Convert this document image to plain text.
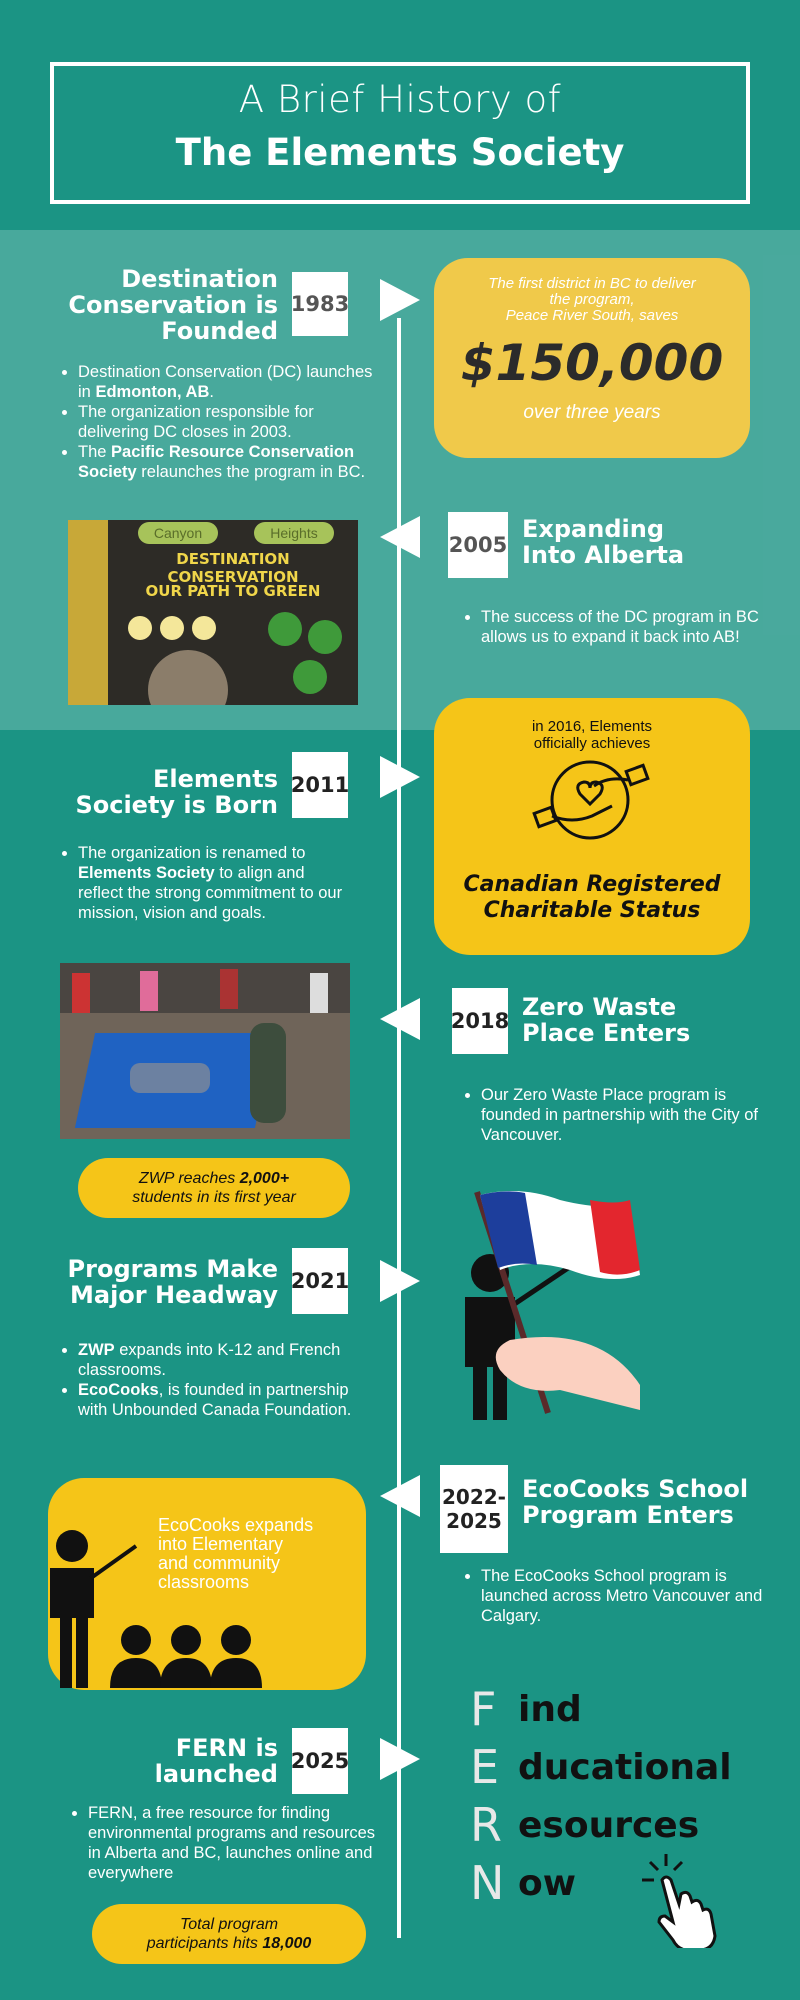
A Brief History of
The Elements Society
Destination
Conservation is
Founded
1983
• Destination Conservation (DC) launches in Edmonton, AB.
• The organization responsible for delivering DC closes in 2003.
• The Pacific Resource Conservation Society relaunches the program in BC.
The first district in BC to deliver
the program,
Peace River South, saves
$150,000
over three years
Canyon	Heights
DESTINATION CONSERVATION
OUR PATH TO GREEN
2005
Expanding
Into Alberta
• The success of the DC program in BC allows us to expand it back into AB!
in 2016, Elements
officially achieves
Canadian Registered
Charitable Status
Elements
Society is Born
2011
• The organization is renamed to Elements Society to align and reflect the strong commitment to our mission, vision and goals.
2018 Zero Waste
Place Enters
• Our Zero Waste Place program is founded in partnership with the City of Vancouver.
ZWP reaches 2,000+
students in its first year
Programs Make
Major Headway 2021
• ZWP expands into K-12 and French classrooms.
• EcoCooks, is founded in partnership with Unbounded Canada Foundation.
EcoCooks expands
into Elementary
and community
classrooms
2022-
2025
EcoCooks School
Program Enters
• The EcoCooks School program is launched across Metro Vancouver and Calgary.
FERN is
launched 2025
• FERN, a free resource for finding environmental programs and resources in Alberta and BC, launches online and everywhere
Total program
participants hits 18,000
F ind
E ducational
R esources
N ow
